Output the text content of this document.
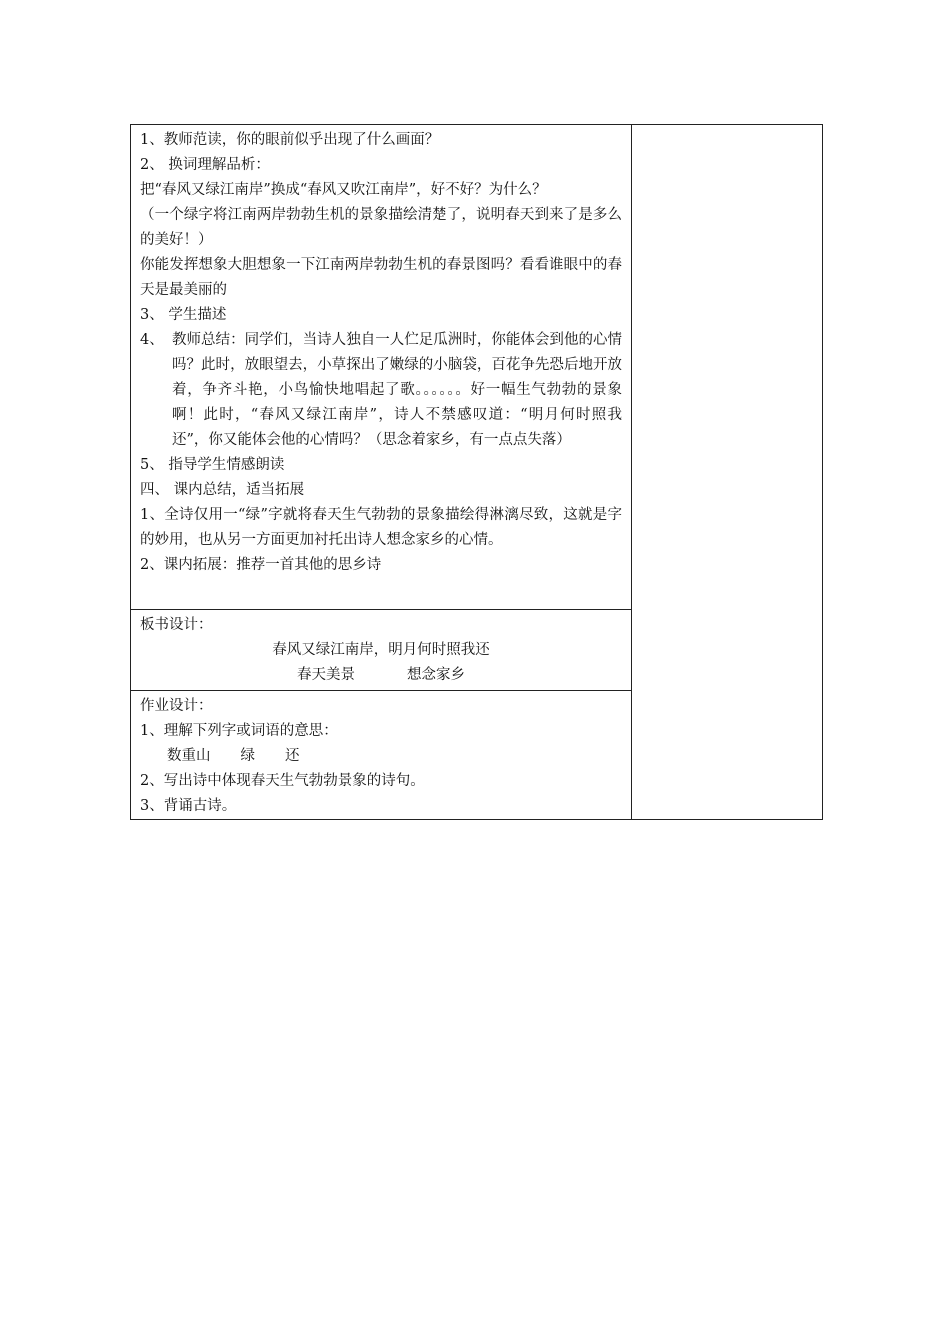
1、教师范读，你的眼前似乎出现了什么画面？

2、 换词理解品析：

把“春风又绿江南岸”换成“春风又吹江南岸”，好不好？为什么？

（一个绿字将江南两岸勃勃生机的景象描绘清楚了，说明春天到来了是多么的美好！）

你能发挥想象大胆想象一下江南两岸勃勃生机的春景图吗？看看谁眼中的春天是最美丽的

3、 学生描述

4、 教师总结：同学们，当诗人独自一人伫足瓜洲时，你能体会到他的心情吗？此时，放眼望去，小草探出了嫩绿的小脑袋，百花争先恐后地开放着，争齐斗艳，小鸟愉快地唱起了歌。。。。。。好一幅生气勃勃的景象啊！此时，“春风又绿江南岸”，诗人不禁感叹道：“明月何时照我还”，你又能体会他的心情吗？（思念着家乡，有一点点失落）

5、 指导学生情感朗读

四、 课内总结，适当拓展

1、全诗仅用一“绿”字就将春天生气勃勃的景象描绘得淋漓尽致，这就是字的妙用，也从另一方面更加衬托出诗人想念家乡的心情。

2、课内拓展：推荐一首其他的思乡诗

板书设计：

春风又绿江南岸，明月何时照我还

春天美景	想念家乡

作业设计：

1、理解下列字或词语的意思：

数重山 绿 还

2、写出诗中体现春天生气勃勃景象的诗句。

3、背诵古诗。
